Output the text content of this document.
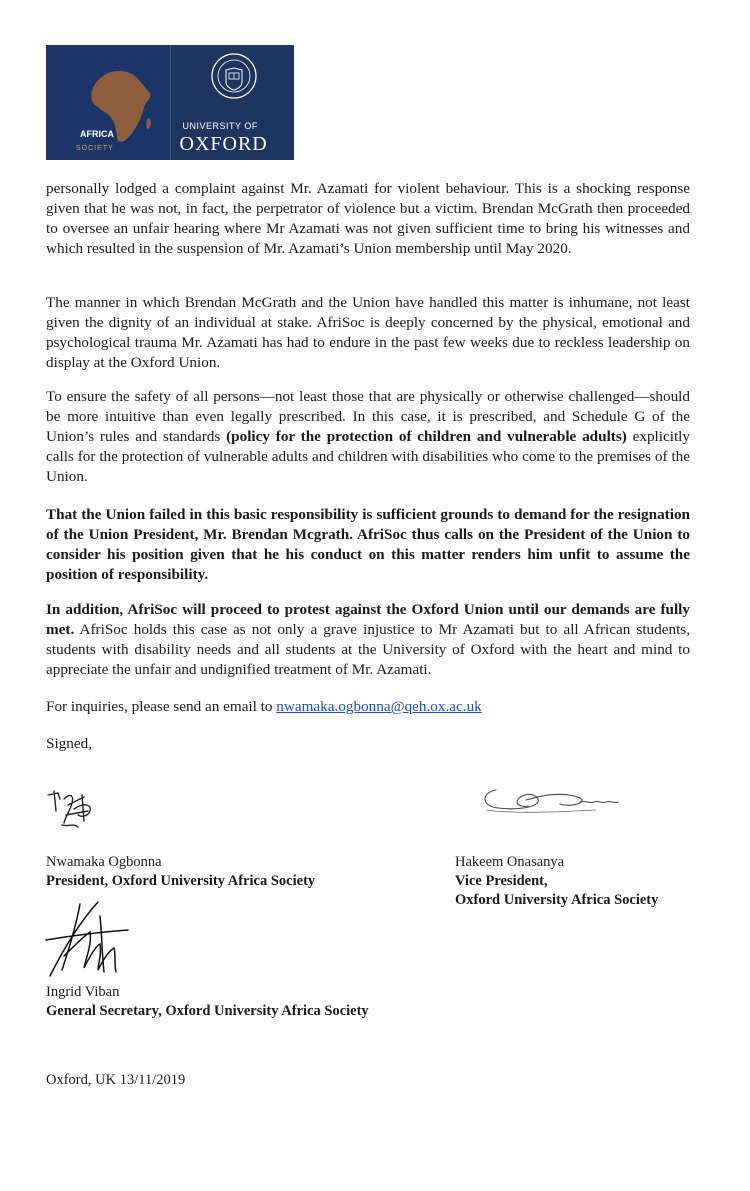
SOCIETY
AFRICA
UNIVERSITY OF
OXFORD

personally lodged a complaint against Mr. Azamati for violent behaviour. This is a shocking response given that he was not, in fact, the perpetrator of violence but a victim. Brendan McGrath then proceeded to oversee an unfair hearing where Mr Azamati was not given sufficient time to bring his witnesses and which resulted in the suspension of Mr. Azamati’s Union membership until May 2020.

The manner in which Brendan McGrath and the Union have handled this matter is inhumane, not least given the dignity of an individual at stake. AfriSoc is deeply concerned by the physical, emotional and psychological trauma Mr. Azamati has had to endure in the past few weeks due to reckless leadership on display at the Oxford Union.

To ensure the safety of all persons—not least those that are physically or otherwise challenged—should be more intuitive than even legally prescribed. In this case, it is prescribed, and Schedule G of the Union’s rules and standards (policy for the protection of children and vulnerable adults) explicitly calls for the protection of vulnerable adults and children with disabilities who come to the premises of the Union.

That the Union failed in this basic responsibility is sufficient grounds to demand for the resignation of the Union President, Mr. Brendan Mcgrath. AfriSoc thus calls on the President of the Union to consider his position given that he his conduct on this matter renders him unfit to assume the position of responsibility.

In addition, AfriSoc will proceed to protest against the Oxford Union until our demands are fully met. AfriSoc holds this case as not only a grave injustice to Mr Azamati but to all African students, students with disability needs and all students at the University of Oxford with the heart and mind to appreciate the unfair and undignified treatment of Mr. Azamati.

For inquiries, please send an email to nwamaka.ogbonna@qeh.ox.ac.uk

Signed,

Nwamaka Ogbonna
President, Oxford University Africa Society
Hakeem Onasanya
Vice President,
Oxford University Africa Society
Ingrid Viban
General Secretary, Oxford University Africa Society
Oxford, UK 13/11/2019
